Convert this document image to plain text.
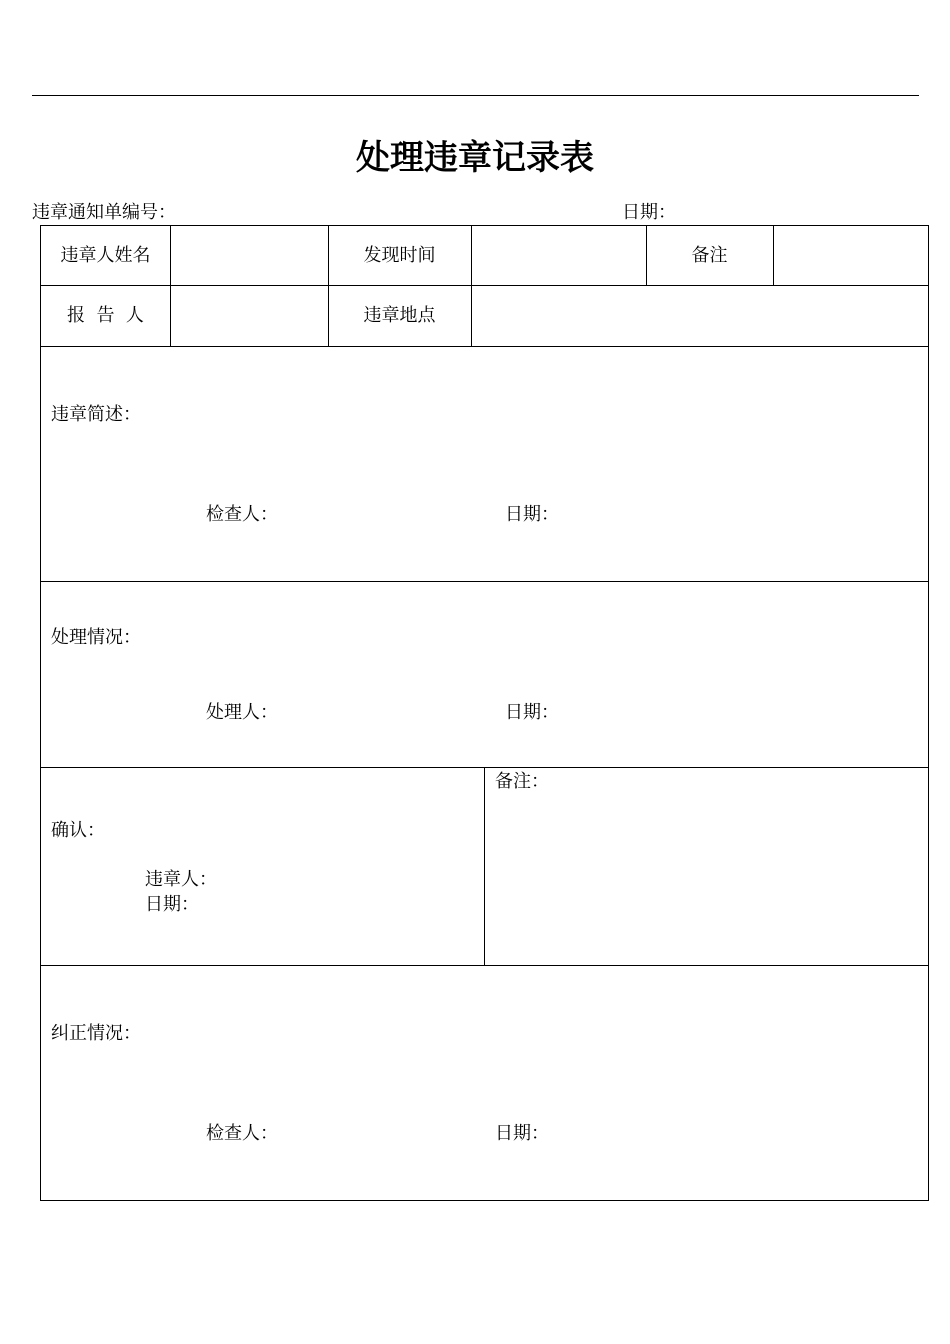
处理违章记录表
违章通知单编号：	日期：
违章人姓名	发现时间	备注
报  告  人	违章地点
违章简述：
检查人：	日期：
处理情况：
处理人：	日期：
确认：
违章人：
日期：
备注：
纠正情况：
检查人：	日期：
